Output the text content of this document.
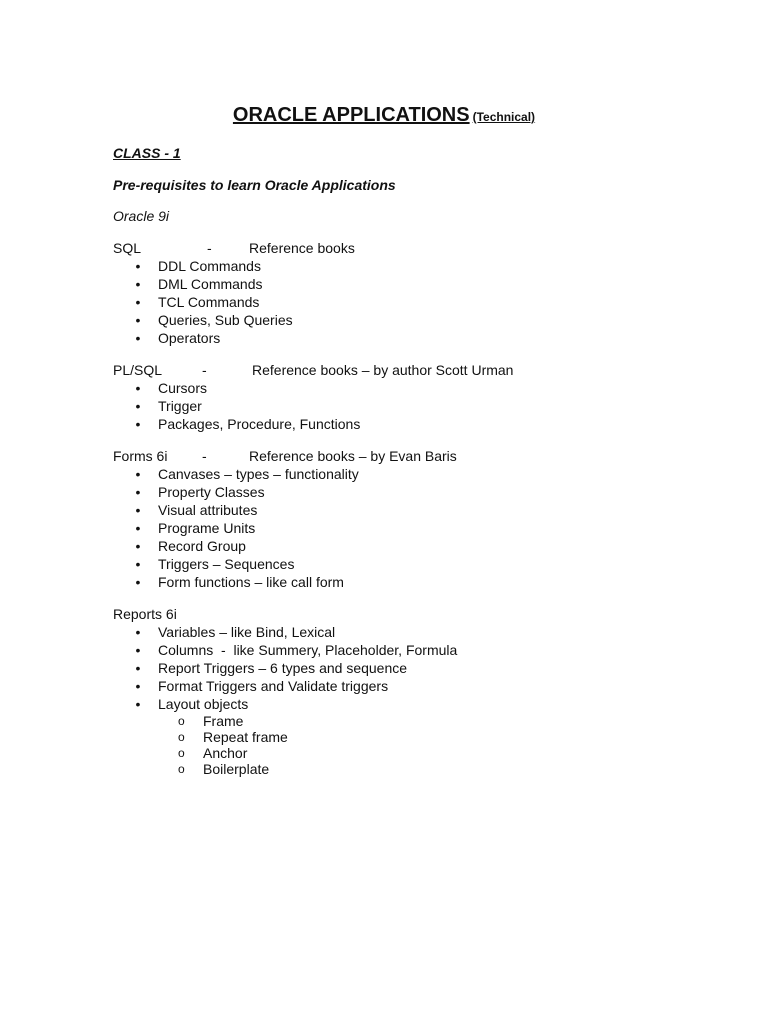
ORACLE APPLICATIONS (Technical)
CLASS - 1
Pre-requisites to learn Oracle Applications
Oracle 9i
SQL	-	Reference books
• DDL Commands
• DML Commands
• TCL Commands
• Queries, Sub Queries
• Operators
PL/SQL	-	Reference books – by author Scott Urman
• Cursors
• Trigger
• Packages, Procedure, Functions
Forms 6i -	Reference books – by Evan Baris
• Canvases – types – functionality
• Property Classes
• Visual attributes
• Programe Units
• Record Group
• Triggers – Sequences
• Form functions – like call form
Reports 6i
• Variables – like Bind, Lexical
• Columns  -  like Summery, Placeholder, Formula
• Report Triggers – 6 types and sequence
• Format Triggers and Validate triggers
• Layout objects
o Frame
o Repeat frame
o Anchor
o Boilerplate
